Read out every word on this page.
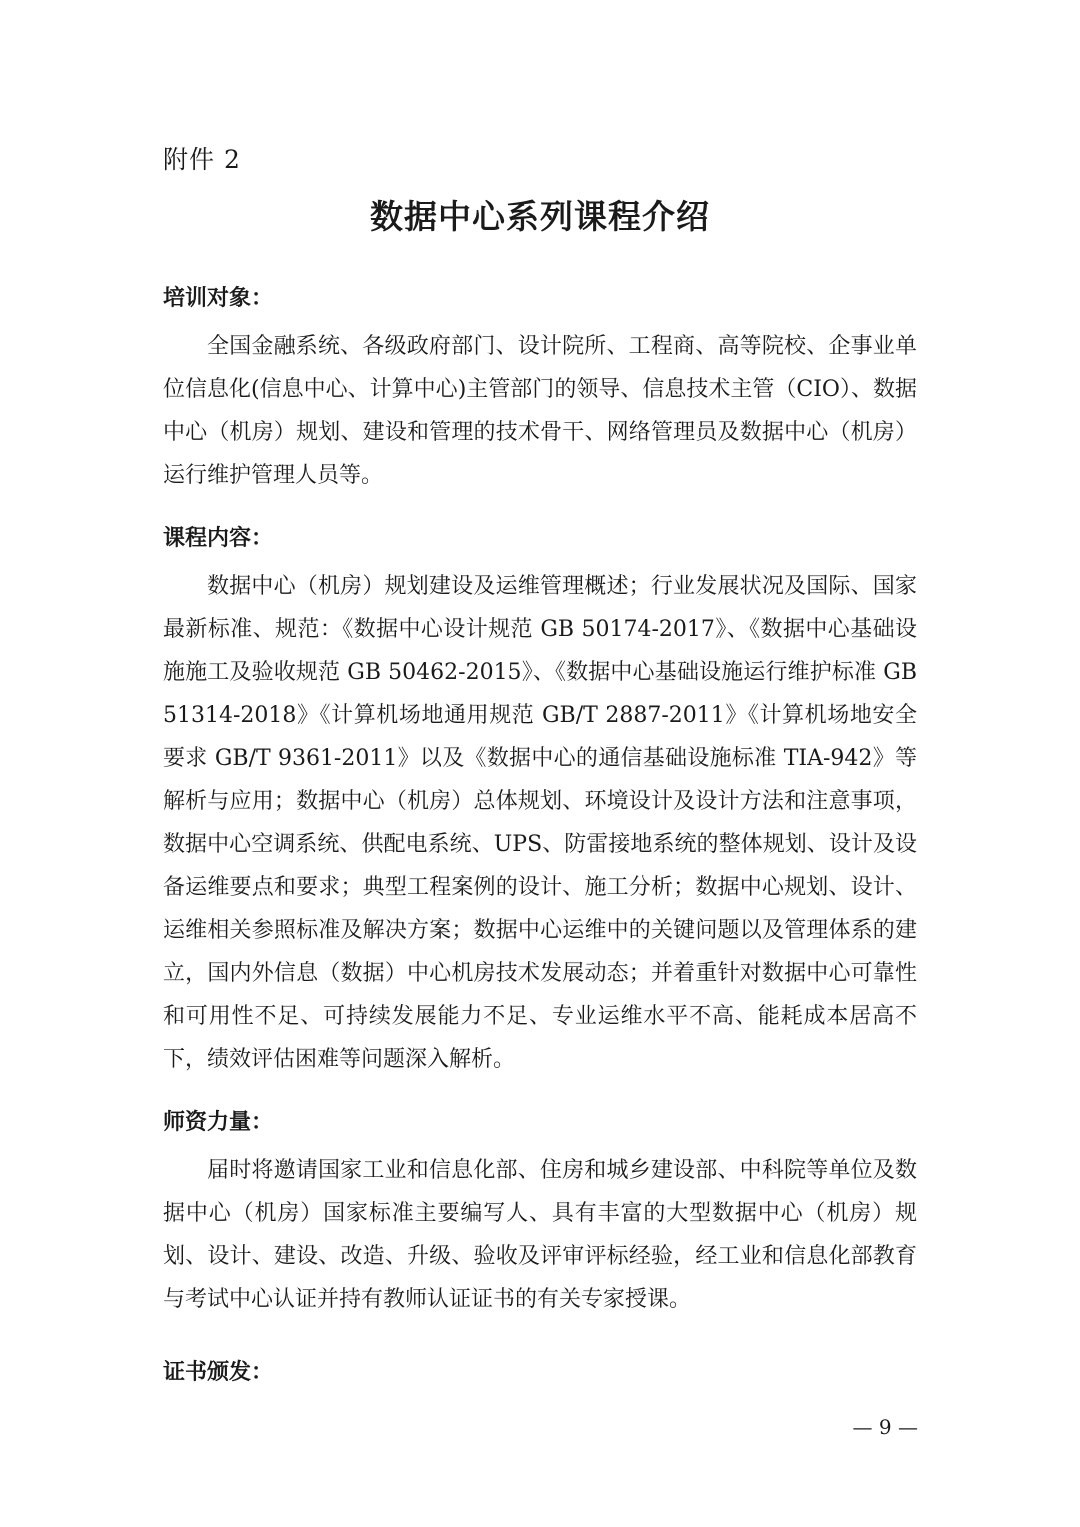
附件 2
数据中心系列课程介绍
培训对象：
全国金融系统、各级政府部门、设计院所、工程商、高等院校、企事业单位信息化(信息中心、计算中心)主管部门的领导、信息技术主管（CIO）、数据中心（机房）规划、建设和管理的技术骨干、网络管理员及数据中心（机房）运行维护管理人员等。
课程内容：
数据中心（机房）规划建设及运维管理概述；行业发展状况及国际、国家最新标准、规范：《数据中心设计规范 GB 50174-2017》、《数据中心基础设施施工及验收规范 GB 50462-2015》、《数据中心基础设施运行维护标准 GB 51314-2018》《计算机场地通用规范 GB/T 2887-2011》《计算机场地安全要求 GB/T 9361-2011》以及《数据中心的通信基础设施标准 TIA-942》等解析与应用；数据中心（机房）总体规划、环境设计及设计方法和注意事项，数据中心空调系统、供配电系统、UPS、防雷接地系统的整体规划、设计及设备运维要点和要求；典型工程案例的设计、施工分析；数据中心规划、设计、运维相关参照标准及解决方案；数据中心运维中的关键问题以及管理体系的建立，国内外信息（数据）中心机房技术发展动态；并着重针对数据中心可靠性和可用性不足、可持续发展能力不足、专业运维水平不高、能耗成本居高不下，绩效评估困难等问题深入解析。
师资力量：
届时将邀请国家工业和信息化部、住房和城乡建设部、中科院等单位及数据中心（机房）国家标准主要编写人、具有丰富的大型数据中心（机房）规划、设计、建设、改造、升级、验收及评审评标经验，经工业和信息化部教育与考试中心认证并持有教师认证证书的有关专家授课。
证书颁发：
— 9 —
